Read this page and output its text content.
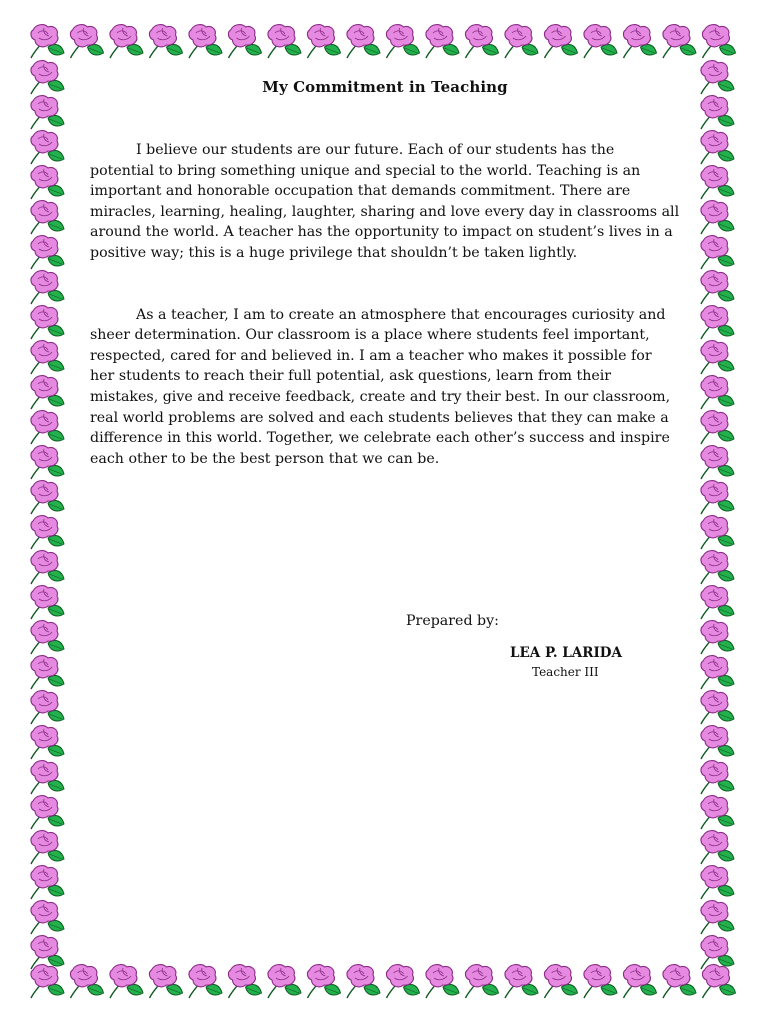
My Commitment in Teaching

I believe our students are our future. Each of our students has the potential to bring something unique and special to the world. Teaching is an important and honorable occupation that demands commitment. There are miracles, learning, healing, laughter, sharing and love every day in classrooms all around the world. A teacher has the opportunity to impact on student’s lives in a positive way; this is a huge privilege that shouldn’t be taken lightly.

As a teacher, I am to create an atmosphere that encourages curiosity and sheer determination. Our classroom is a place where students feel important, respected, cared for and believed in. I am a teacher who makes it possible for her students to reach their full potential, ask questions, learn from their mistakes, give and receive feedback, create and try their best. In our classroom, real world problems are solved and each students believes that they can make a difference in this world. Together, we celebrate each other’s success and inspire each other to be the best person that we can be.

Prepared by:
LEA P. LARIDA
Teacher III
